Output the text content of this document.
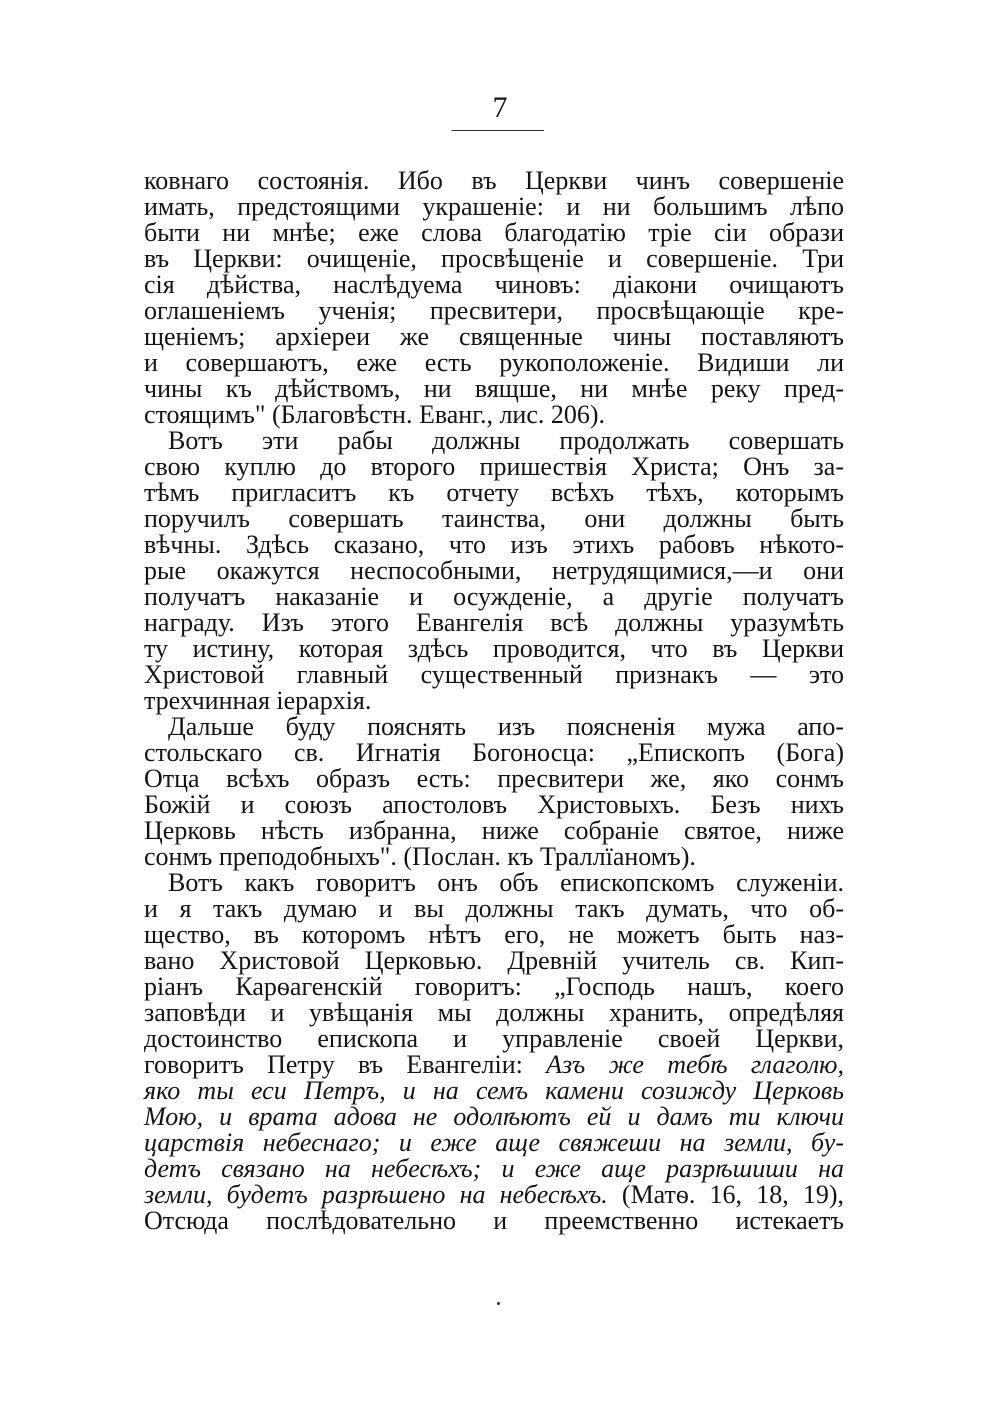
7
ковнаго состоянія. Ибо въ Церкви чинъ совершеніе
имать, предстоящими украшеніе: и ни большимъ лѣпо
быти ни мнѣе; еже слова благодатію тріе сіи образи
въ Церкви: очищеніе, просвѣщеніе и совершеніе. Три
сія дѣйства, наслѣдуема чиновъ: діакони очищаютъ
оглашеніемъ ученія; пресвитери, просвѣщающіе кре-
щеніемъ; архіереи же священные чины поставляютъ
и совершаютъ, еже есть рукоположеніе. Видиши ли
чины къ дѣйствомъ, ни вящше, ни мнѣе реку пред-
стоящимъ" (Благовѣстн. Еванг., лис. 206).
Вотъ эти рабы должны продолжать совершать
свою куплю до второго пришествія Христа; Онъ за-
тѣмъ пригласитъ къ отчету всѣхъ тѣхъ, которымъ
поручилъ совершать таинства, они должны быть
вѣчны. Здѣсь сказано, что изъ этихъ рабовъ нѣкото-
рые окажутся неспособными, нетрудящимися,—и они
получатъ наказаніе и осужденіе, а другіе получатъ
награду. Изъ этого Евангелія всѣ должны уразумѣть
ту истину, которая здѣсь проводится, что въ Церкви
Христовой главный существенный признакъ — это
трехчинная іерархія.
Дальше буду пояснять изъ поясненія мужа апо-
стольскаго св. Игнатія Богоносца: „Епископъ (Бога)
Отца всѣхъ образъ есть: пресвитери же, яко сонмъ
Божій и союзъ апостоловъ Христовыхъ. Безъ нихъ
Церковь нѣсть избранна, ниже собраніе святое, ниже
сонмъ преподобныхъ". (Послан. къ Траллїаномъ).
Вотъ какъ говоритъ онъ объ епископскомъ служеніи.
и я такъ думаю и вы должны такъ думать, что об-
щество, въ которомъ нѣтъ его, не можетъ быть наз-
вано Христовой Церковью. Древній учитель св. Кип-
ріанъ Карѳагенскій говоритъ: „Господь нашъ, коего
заповѣди и увѣщанія мы должны хранить, опредѣляя
достоинство епископа и управленіе своей Церкви,
говоритъ Петру въ Евангеліи: Азъ же тебѣ глаголю,
яко ты еси Петръ, и на семъ камени созижду Церковь
Мою, и врата адова не одолѣютъ ей и дамъ ти ключи
царствія небеснаго; и еже аще свяжеши на земли, бу-
детъ связано на небесѣхъ; и еже аще разрѣшиши на
земли, будетъ разрѣшено на небесѣхъ. (Матѳ. 16, 18, 19),
Отсюда послѣдовательно и преемственно истекаетъ
